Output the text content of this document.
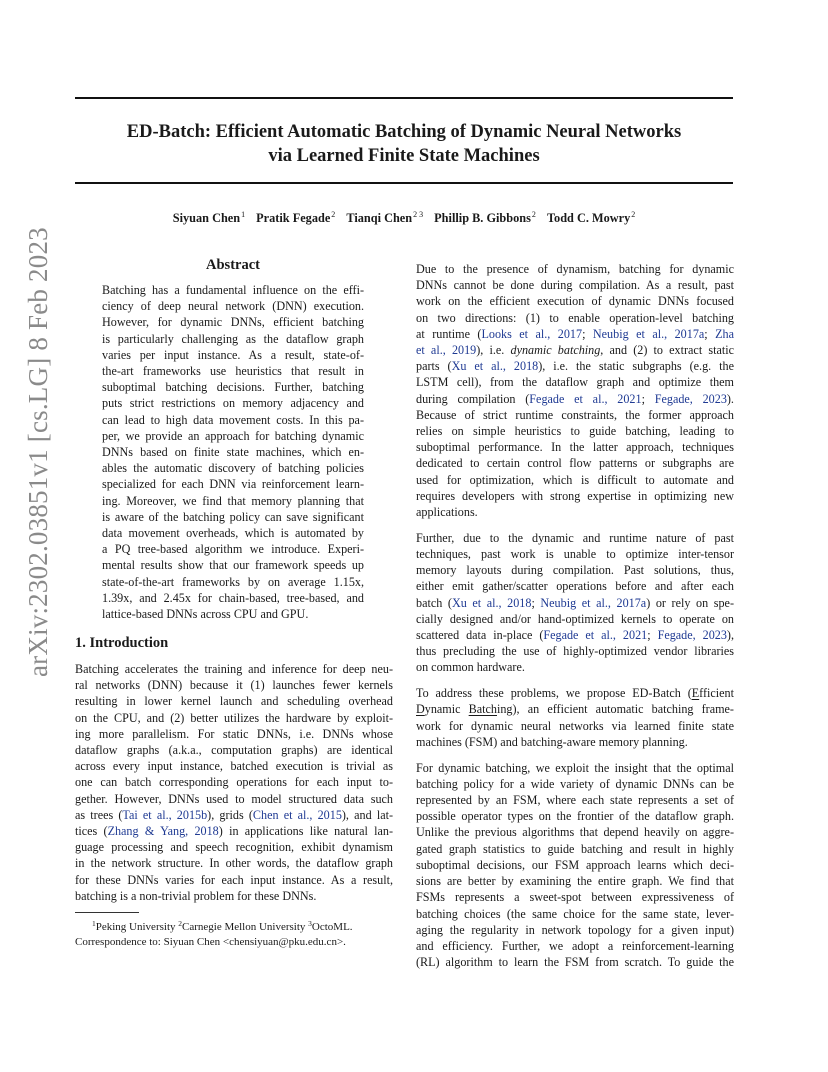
arXiv:2302.03851v1 [cs.LG] 8 Feb 2023
ED-Batch: Efficient Automatic Batching of Dynamic Neural Networks
via Learned Finite State Machines
Siyuan Chen$^1$ Pratik Fegade$^2$ Tianqi Chen$^{2 3}$ Phillip B. Gibbons$^2$ Todd C. Mowry$^2$
Abstract
Batching has a fundamental influence on the effi-
ciency of deep neural network (DNN) execution.
However, for dynamic DNNs, efficient batching
is particularly challenging as the dataflow graph
varies per input instance. As a result, state-of-
the-art frameworks use heuristics that result in
suboptimal batching decisions. Further, batching
puts strict restrictions on memory adjacency and
can lead to high data movement costs. In this pa-
per, we provide an approach for batching dynamic
DNNs based on finite state machines, which en-
ables the automatic discovery of batching policies
specialized for each DNN via reinforcement learn-
ing. Moreover, we find that memory planning that
is aware of the batching policy can save significant
data movement overheads, which is automated by
a PQ tree-based algorithm we introduce. Experi-
mental results show that our framework speeds up
state-of-the-art frameworks by on average 1.15x,
1.39x, and 2.45x for chain-based, tree-based, and
lattice-based DNNs across CPU and GPU.
1. Introduction
Batching accelerates the training and inference for deep neu-
ral networks (DNN) because it (1) launches fewer kernels
resulting in lower kernel launch and scheduling overhead
on the CPU, and (2) better utilizes the hardware by exploit-
ing more parallelism. For static DNNs, i.e. DNNs whose
dataflow graphs (a.k.a., computation graphs) are identical
across every input instance, batched execution is trivial as
one can batch corresponding operations for each input to-
gether. However, DNNs used to model structured data such
as trees (Tai et al., 2015b), grids (Chen et al., 2015), and lat-
tices (Zhang & Yang, 2018) in applications like natural lan-
guage processing and speech recognition, exhibit dynamism
in the network structure. In other words, the dataflow graph
for these DNNs varies for each input instance. As a result,
batching is a non-trivial problem for these DNNs.
$^1$Peking University $^2$Carnegie Mellon University $^3$OctoML.
Correspondence to: Siyuan Chen <chensiyuan@pku.edu.cn>.
Due to the presence of dynamism, batching for dynamic
DNNs cannot be done during compilation. As a result, past
work on the efficient execution of dynamic DNNs focused
on two directions: (1) to enable operation-level batching
at runtime (Looks et al., 2017; Neubig et al., 2017a; Zha
et al., 2019), i.e. dynamic batching, and (2) to extract static
parts (Xu et al., 2018), i.e. the static subgraphs (e.g. the
LSTM cell), from the dataflow graph and optimize them
during compilation (Fegade et al., 2021; Fegade, 2023).
Because of strict runtime constraints, the former approach
relies on simple heuristics to guide batching, leading to
suboptimal performance. In the latter approach, techniques
dedicated to certain control flow patterns or subgraphs are
used for optimization, which is difficult to automate and
requires developers with strong expertise in optimizing new
applications.
Further, due to the dynamic and runtime nature of past
techniques, past work is unable to optimize inter-tensor
memory layouts during compilation. Past solutions, thus,
either emit gather/scatter operations before and after each
batch (Xu et al., 2018; Neubig et al., 2017a) or rely on spe-
cially designed and/or hand-optimized kernels to operate on
scattered data in-place (Fegade et al., 2021; Fegade, 2023),
thus precluding the use of highly-optimized vendor libraries
on common hardware.
To address these problems, we propose ED-Batch (Efficient
Dynamic Batching), an efficient automatic batching frame-
work for dynamic neural networks via learned finite state
machines (FSM) and batching-aware memory planning.
For dynamic batching, we exploit the insight that the optimal
batching policy for a wide variety of dynamic DNNs can be
represented by an FSM, where each state represents a set of
possible operator types on the frontier of the dataflow graph.
Unlike the previous algorithms that depend heavily on aggre-
gated graph statistics to guide batching and result in highly
suboptimal decisions, our FSM approach learns which deci-
sions are better by examining the entire graph. We find that
FSMs represents a sweet-spot between expressiveness of
batching choices (the same choice for the same state, lever-
aging the regularity in network topology for a given input)
and efficiency. Further, we adopt a reinforcement-learning
(RL) algorithm to learn the FSM from scratch. To guide the
